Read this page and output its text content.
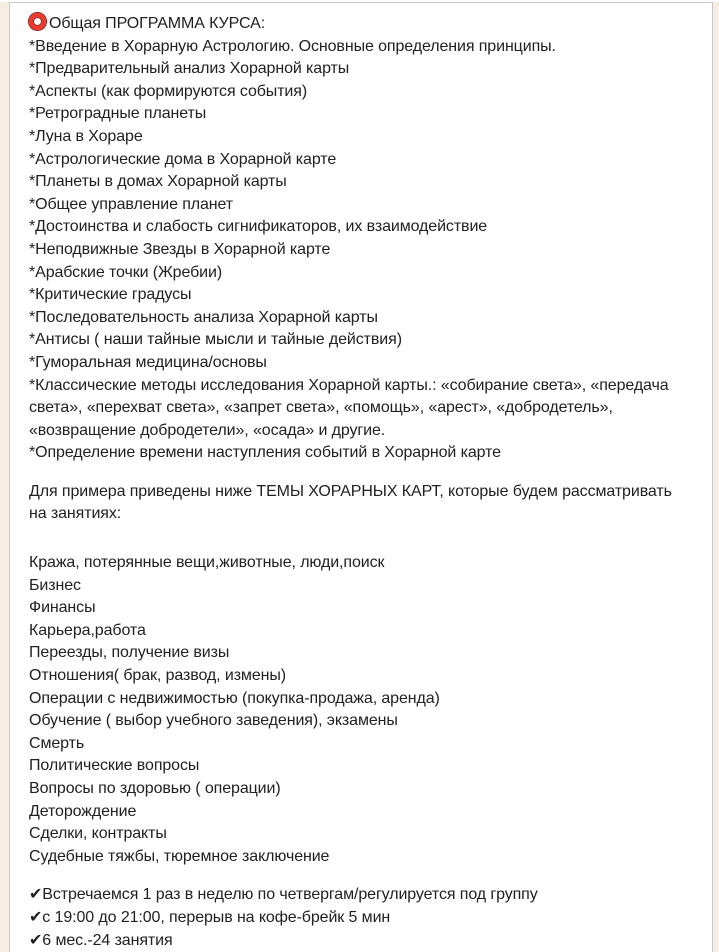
Общая ПРОГРАММА КУРСА:
*Введение в Хорарную Астрологию. Основные определения принципы.
*Предварительный анализ Хорарной карты
*Аспекты (как формируются события)
*Ретроградные планеты
*Луна в Хораре
*Астрологические дома в Хорарной карте
*Планеты в домах Хорарной карты
*Общее управление планет
*Достоинства и слабость сигнификаторов, их взаимодействие
*Неподвижные Звезды в Хорарной карте
*Арабские точки (Жребии)
*Критические градусы
*Последовательность анализа Хорарной карты
*Антисы ( наши тайные мысли и тайные действия)
*Гуморальная медицина/основы
*Классические методы исследования Хорарной карты.: «собирание света», «передача
света», «перехват света», «запрет света», «помощь», «арест», «добродетель»,
«возвращение добродетели», «осада» и другие.
*Определение времени наступления событий в Хорарной карте
Для примера приведены ниже ТЕМЫ ХОРАРНЫХ КАРТ, которые будем рассматривать
на занятиях:
Кража, потерянные вещи,животные, люди,поиск
Бизнес
Финансы
Карьера,работа
Переезды, получение визы
Отношения( брак, развод, измены)
Операции с недвижимостью (покупка-продажа, аренда)
Обучение ( выбор учебного заведения), экзамены
Смерть
Политические вопросы
Вопросы по здоровью ( операции)
Деторождение
Сделки, контракты
Судебные тяжбы, тюремное заключение
✔Встречаемся 1 раз в неделю по четвергам/регулируется под группу
✔с 19:00 до 21:00, перерыв на кофе-брейк 5 мин
✔6 мес.-24 занятия
